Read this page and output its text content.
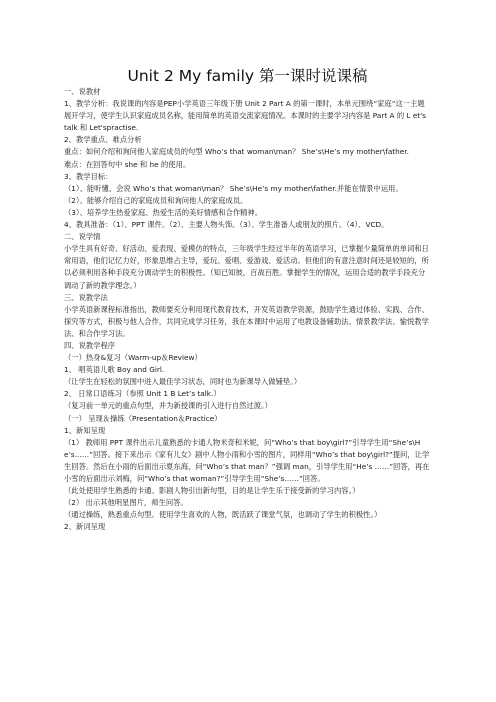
Unit 2 My family 第一课时说课稿

一、说教材

1、教学分析：我说课的内容是PEP小学英语三年级下册 Unit 2 Part A 的第一课时，本单元围绕“家庭”这一主题展开学习，使学生认识家庭成员名称，能用简单的英语交流家庭情况。本课时的主要学习内容是 Part A 的 L et's talk 和 Let'spractise.

2、教学重点、难点分析

重点：如何介绍和询问他人家庭成员的句型 Who’s that woman\man？ She’s\He’s my mother\father.

难点：在回答句中 she 和 he 的使用。

3、教学目标：

（1）、能听懂、会说 Who’s that woman\man？ She’s\He’s my mother\father.并能在情景中运用。

（2）、能够介绍自己的家庭成员和询问他人的家庭成员。

（3）、培养学生热爱家庭、热爱生活的美好情感和合作精神。

4、教具准备：（1）、PPT 课件。（2）、主要人物头饰。（3）、学生准备人或朋友的照片。（4）、VCD。

二、说学情

小学生具有好奇、好活动、爱表现、爱模仿的特点，三年级学生经过半年的英语学习，已掌握少量简单的单词和日常用语，他们记忆力好，形象思维占主导，爱玩、爱唱、爱游戏、爱活动。但他们的有意注意时间还是较短的，所以必须利用各种手段充分调动学生的积极性。（知已知彼，百战百胜。掌握学生的情况，运用合适的教学手段充分调动了新的教学理念。）

三、说教学法

小学英语新课程标准指出，教师要充分利用现代教育技术，开发英语教学资源，鼓励学生通过体验、实践、合作、探究等方式，积极与他人合作，共同完成学习任务，我在本课时中运用了电教设备辅助法、情景教学法、愉悦教学法、和合作学习法。

四、说教学程序

（一）热身&复习（Warm-up＆Review）

1、 唱英语儿歌 Boy and Girl.

（让学生在轻松的氛围中进入最佳学习状态，同时也为新课导入做铺垫。）

2、 日常口语练习（参照 Unit 1 B Let’s talk.）

（复习前一单元的重点句型，并为新授课的引入进行自然过渡。）

（一） 呈现＆操练（Presentation＆Practice）

1、新知呈现

（1） 教师用 PPT 课件出示儿童熟悉的卡通人物米奇和米妮，问“Who’s that boy\girl?”引导学生用“She’s\He’s……”回答。接下来出示《家有儿女》剧中人物小雨和小雪的图片，同样用“Who’s that boy\girl?”提问，让学生回答。然后在小雨的后面出示夏东海，问“Who’s that man？”强调 man，引导学生用“He’s ……”回答，再在小雪的后面出示刘梅，问“Who’s that woman?”引导学生用“She’s……”回答。

（此处使用学生熟悉的卡通、影剧人物引出新句型，目的是让学生乐于接受新的学习内容。）

（2） 出示其他明星图片，师生问答。

（通过操练，熟悉重点句型。使用学生喜欢的人物，既活跃了课堂气氛，也调动了学生的积极性。）

2、新词呈现
